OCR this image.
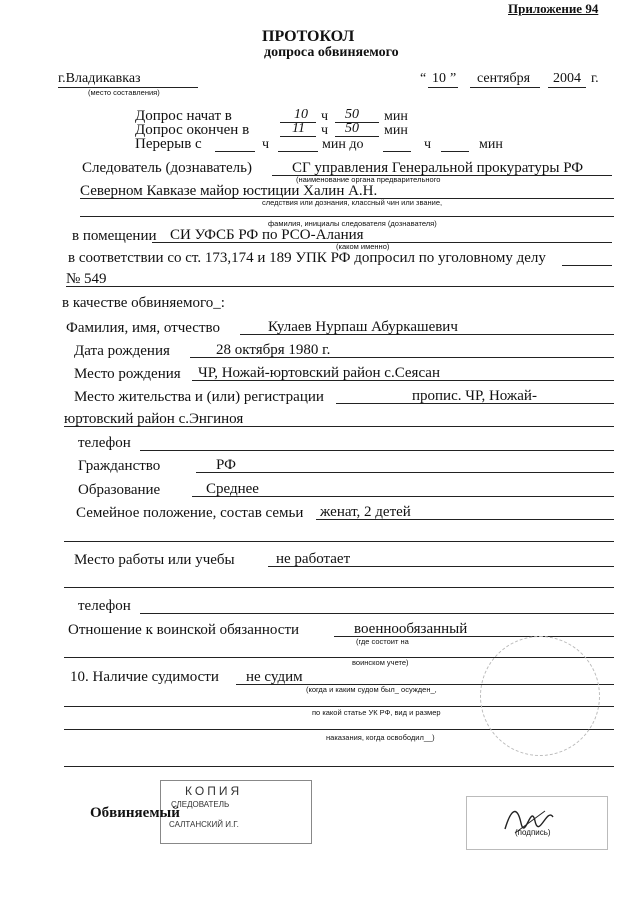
Приложение 94
ПРОТОКОЛ
допроса обвиняемого
г.Владикавказ
(место составления)
“ 10 ” сентября 2004 г.
Допрос начат в	10 ч 50 мин
Допрос окончен в	11 ч 50 мин
Перерыв с	ч	мин до	ч	мин
Следователь (дознаватель)	СГ управления Генеральной прокуратуры РФ
(наименование органа предварительного
Северном Кавказе майор юстиции Халин А.Н.
следствия или дознания, классный чин или звание,
фамилия, инициалы следователя (дознавателя)
в помещении СИ УФСБ РФ по РСО-Алания
(каком именно)
в соответствии со ст. 173,174 и 189 УПК РФ допросил по уголовному делу
№ 549
в качестве обвиняемого_:
Фамилия, имя, отчество	Кулаев Нурпаш Абуркашевич
Дата рождения	28 октября 1980 г.
Место рождения ЧР, Ножай-юртовский район с.Сеясан
Место жительства и (или) регистрации	пропис. ЧР, Ножай-
юртовский район с.Энгиноя
телефон
Гражданство	РФ
Образование	Среднее
Семейное положение, состав семьи женат, 2 детей
Место работы или учебы	не работает
телефон
Отношение к воинской обязанности	военнообязанный
(где состоит на
воинском учете)
10. Наличие судимости не судим
(когда и каким судом был_ осужден_,
по какой статье УК РФ, вид и размер
наказания, когда освободил__)
КОПИЯ
СЛЕДОВАТЕЛЬ
САЛТАНСКИЙ И.Г.
Обвиняемый
(подпись)
